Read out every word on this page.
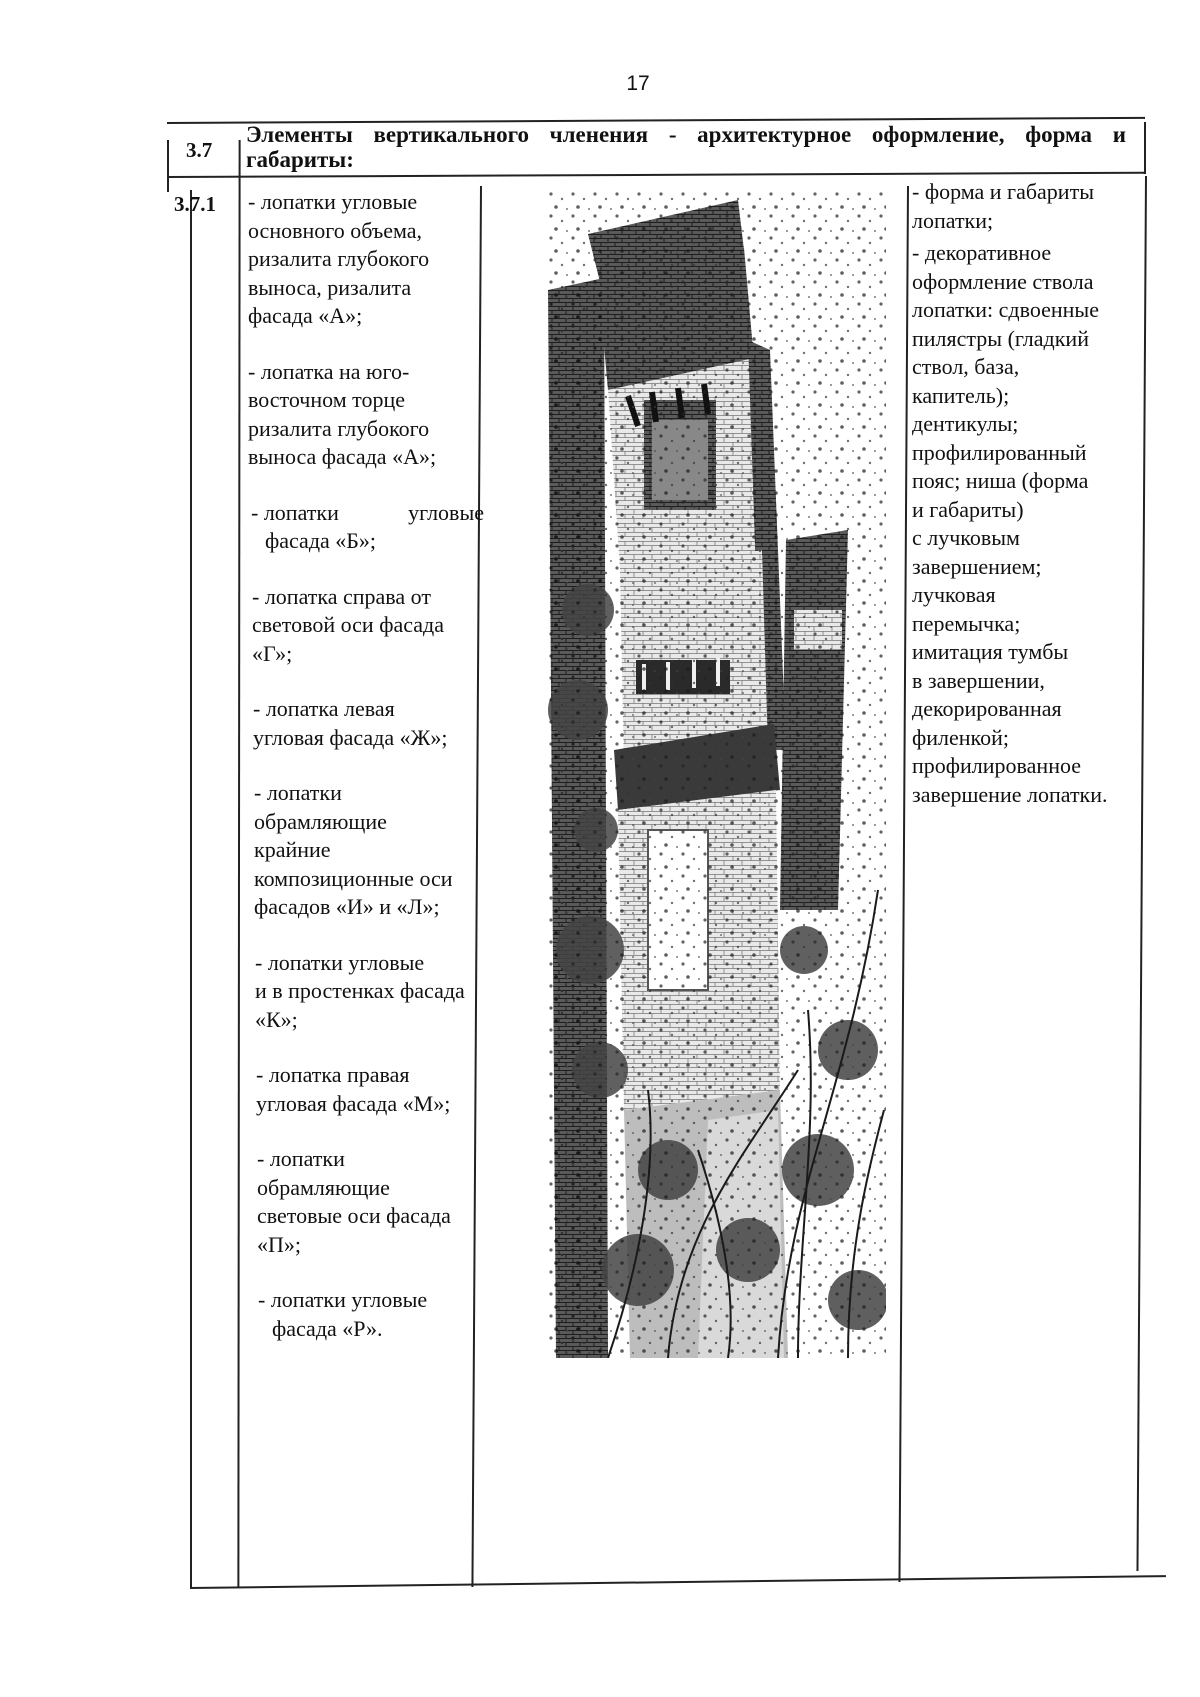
17
3.7
Элементы вертикального членения - архитектурное оформление, форма и габариты:
3.7.1 - лопатки угловые
основного объема,
ризалита глубокого
выноса, ризалита
фасада «А»;
- лопатка на юго-
восточном торце
ризалита глубокого
выноса фасада «А»;
- лопатки	угловые
фасада «Б»;
- лопатка справа от
световой оси фасада
«Г»;
- лопатка левая
угловая фасада «Ж»;
- лопатки
обрамляющие
крайние
композиционные оси
фасадов «И» и «Л»;
- лопатки угловые
и в простенках фасада
«К»;
- лопатка правая
угловая фасада «М»;
- лопатки
обрамляющие
световые оси фасада
«П»;
- лопатки угловые
фасада «Р».

- форма и габариты
лопатки;

- декоративное
оформление ствола
лопатки: сдвоенные
пилястры (гладкий
ствол, база,
капитель);
дентикулы;
профилированный
пояс; ниша (форма
и габариты)
с лучковым
завершением;
лучковая
перемычка;
имитация тумбы
в завершении,
декорированная
филенкой;
профилированное
завершение лопатки.
